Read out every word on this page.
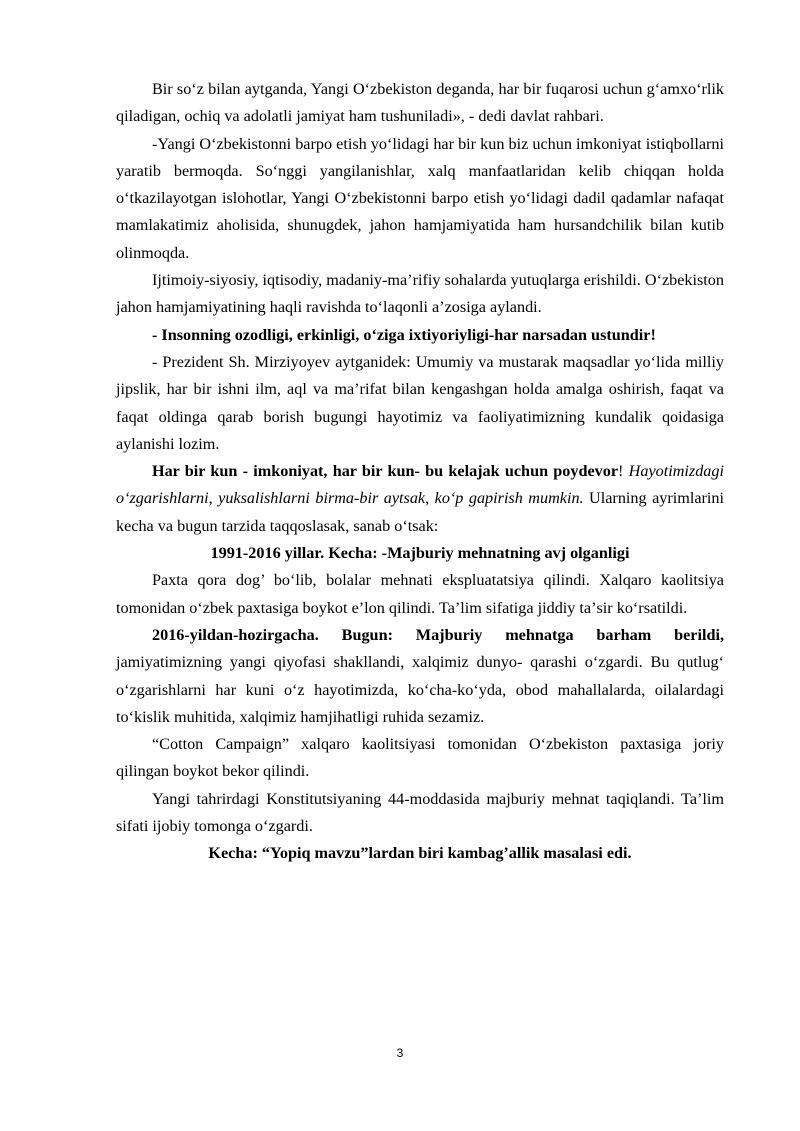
Bir soʻz bilan aytganda, Yangi Oʻzbekiston deganda, har bir fuqarosi uchun gʻamxoʻrlik qiladigan, ochiq va adolatli jamiyat ham tushuniladi», - dedi davlat rahbari.

-Yangi Oʻzbekistonni barpo etish yoʻlidagi har bir kun biz uchun imkoniyat istiqbollarni yaratib bermoqda. Soʻnggi yangilanishlar, xalq manfaatlaridan kelib chiqqan holda oʻtkazilayotgan islohotlar, Yangi Oʻzbekistonni barpo etish yoʻlidagi dadil qadamlar nafaqat mamlakatimiz aholisida, shunugdek, jahon hamjamiyatida ham hursandchilik bilan kutib olinmoqda.

Ijtimoiy-siyosiy, iqtisodiy, madaniy-maʼrifiy sohalarda yutuqlarga erishildi. Oʻzbekiston jahon hamjamiyatining haqli ravishda toʻlaqonli aʼzosiga aylandi.

- Insonning ozodligi, erkinligi, oʻziga ixtiyoriyligi-har narsadan ustundir!

- Prezident Sh. Mirziyoyev aytganidek: Umumiy va mustarak maqsadlar yoʻlida milliy jipslik, har bir ishni ilm, aql va maʼrifat bilan kengashgan holda amalga oshirish, faqat va faqat oldinga qarab borish bugungi hayotimiz va faoliyatimizning kundalik qoidasiga aylanishi lozim.

Har bir kun - imkoniyat, har bir kun- bu kelajak uchun poydevor! Hayotimizdagi oʻzgarishlarni, yuksalishlarni birma-bir aytsak, koʻp gapirish mumkin. Ularning ayrimlarini kecha va bugun tarzida taqqoslasak, sanab oʻtsak:

1991-2016 yillar. Kecha: -Majburiy mehnatning avj olganligi

Paxta qora dog’ boʻlib, bolalar mehnati ekspluatatsiya qilindi. Xalqaro kaolitsiya tomonidan oʻzbek paxtasiga boykot eʼlon qilindi. Taʼlim sifatiga jiddiy taʼsir koʻrsatildi.

2016-yildan-hozirgacha. Bugun: Majburiy mehnatga barham berildi, jamiyatimizning yangi qiyofasi shakllandi, xalqimiz dunyo- qarashi oʻzgardi. Bu qutlugʻ oʻzgarishlarni har kuni oʻz hayotimizda, koʻcha-koʻyda, obod mahallalarda, oilalardagi toʻkislik muhitida, xalqimiz hamjihatligi ruhida sezamiz.

“Cotton Campaign” xalqaro kaolitsiyasi tomonidan Oʻzbekiston paxtasiga joriy qilingan boykot bekor qilindi.

Yangi tahrirdagi Konstitutsiyaning 44-moddasida majburiy mehnat taqiqlandi. Taʼlim sifati ijobiy tomonga oʻzgardi.

Kecha: “Yopiq mavzu”lardan biri kambag’allik masalasi edi.

3
